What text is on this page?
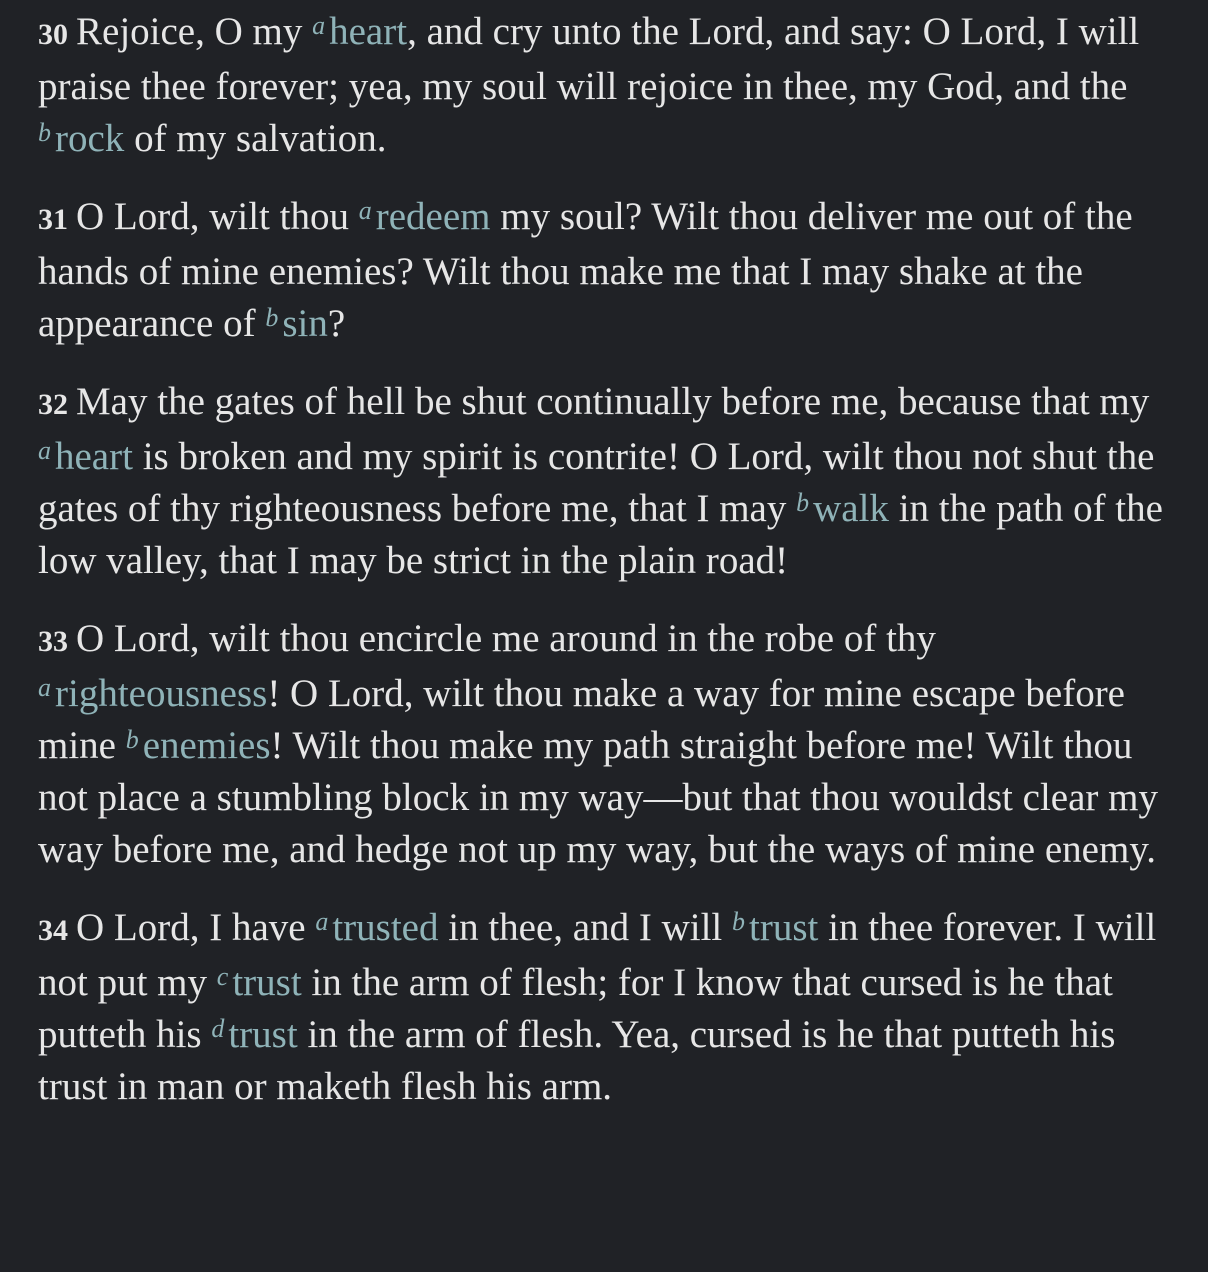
30 Rejoice, O my $^a$ heart, and cry unto the Lord, and say: O Lord, I will praise thee forever; yea, my soul will rejoice in thee, my God, and the $^b$ rock of my salvation.

31 O Lord, wilt thou $^a$ redeem my soul? Wilt thou deliver me out of the hands of mine enemies? Wilt thou make me that I may shake at the appearance of $^b$ sin?

32 May the gates of hell be shut continually before me, because that my $^a$ heart is broken and my spirit is contrite! O Lord, wilt thou not shut the gates of thy righteousness before me, that I may $^b$ walk in the path of the low valley, that I may be strict in the plain road!

33 O Lord, wilt thou encircle me around in the robe of thy $^a$ righteousness! O Lord, wilt thou make a way for mine escape before mine $^b$ enemies! Wilt thou make my path straight before me! Wilt thou not place a stumbling block in my way—but that thou wouldst clear my way before me, and hedge not up my way, but the ways of mine enemy.

34 O Lord, I have $^a$ trusted in thee, and I will $^b$ trust in thee forever. I will not put my $^c$ trust in the arm of flesh; for I know that cursed is he that putteth his $^d$ trust in the arm of flesh. Yea, cursed is he that putteth his trust in man or maketh flesh his arm.
